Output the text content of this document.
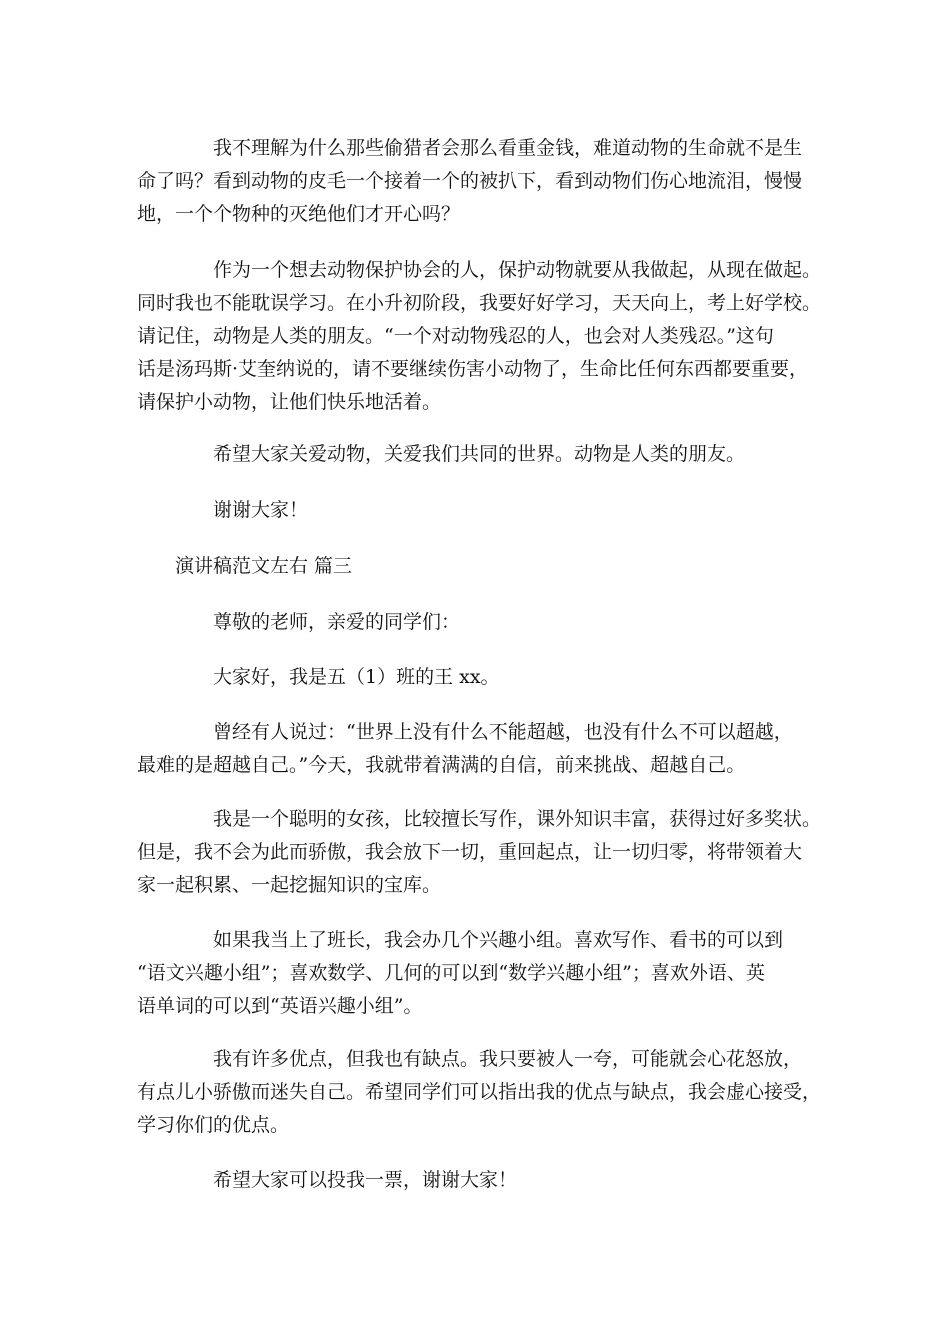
我不理解为什么那些偷猎者会那么看重金钱，难道动物的生命就不是生
命了吗？看到动物的皮毛一个接着一个的被扒下，看到动物们伤心地流泪，慢慢
地，一个个物种的灭绝他们才开心吗？
作为一个想去动物保护协会的人，保护动物就要从我做起，从现在做起。
同时我也不能耽误学习。在小升初阶段，我要好好学习，天天向上，考上好学校。
请记住，动物是人类的朋友。“一个对动物残忍的人，也会对人类残忍。”这句
话是汤玛斯·艾奎纳说的，请不要继续伤害小动物了，生命比任何东西都要重要，
请保护小动物，让他们快乐地活着。
希望大家关爱动物，关爱我们共同的世界。动物是人类的朋友。
谢谢大家！
演讲稿范文左右 篇三
尊敬的老师，亲爱的同学们：
大家好，我是五（1）班的王 xx。
曾经有人说过：“世界上没有什么不能超越，也没有什么不可以超越，
最难的是超越自己。”今天，我就带着满满的自信，前来挑战、超越自己。
我是一个聪明的女孩，比较擅长写作，课外知识丰富，获得过好多奖状。
但是，我不会为此而骄傲，我会放下一切，重回起点，让一切归零，将带领着大
家一起积累、一起挖掘知识的宝库。
如果我当上了班长，我会办几个兴趣小组。喜欢写作、看书的可以到
“语文兴趣小组”；喜欢数学、几何的可以到“数学兴趣小组”；喜欢外语、英
语单词的可以到“英语兴趣小组”。
我有许多优点，但我也有缺点。我只要被人一夸，可能就会心花怒放，
有点儿小骄傲而迷失自己。希望同学们可以指出我的优点与缺点，我会虚心接受，
学习你们的优点。
希望大家可以投我一票，谢谢大家！
